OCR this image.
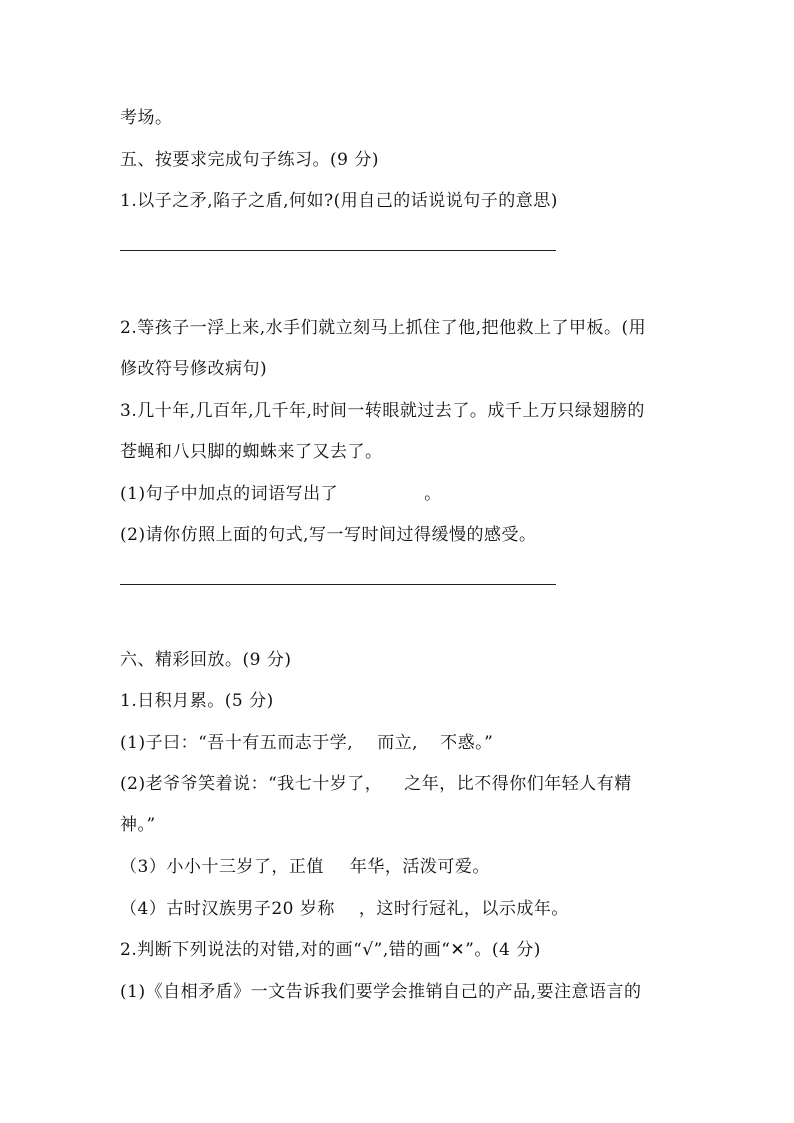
考场。
五、按要求完成句子练习。(9 分)
1.以子之矛,陷子之盾,何如?(用自己的话说说句子的意思)
2.等孩子一浮上来,水手们就立刻马上抓住了他,把他救上了甲板。(用
修改符号修改病句)
3.几十年,几百年,几千年,时间一转眼就过去了。成千上万只绿翅膀的
苍蝇和八只脚的蜘蛛来了又去了。
(1)句子中加点的词语写出了	。
(2)请你仿照上面的句式,写一写时间过得缓慢的感受。
六、精彩回放。(9 分)
1.日积月累。(5 分)
(1)子曰：“吾十有五而志于学, 而立, 不惑。”
(2)老爷爷笑着说：“我七十岁了， 之年，比不得你们年轻人有精
神。”
（3）小小十三岁了，正值 年华，活泼可爱。
（4）古时汉族男子20 岁称 ，这时行冠礼，以示成年。
2.判断下列说法的对错,对的画“√”,错的画“✕”。(4 分)
(1)《自相矛盾》一文告诉我们要学会推销自己的产品,要注意语言的
